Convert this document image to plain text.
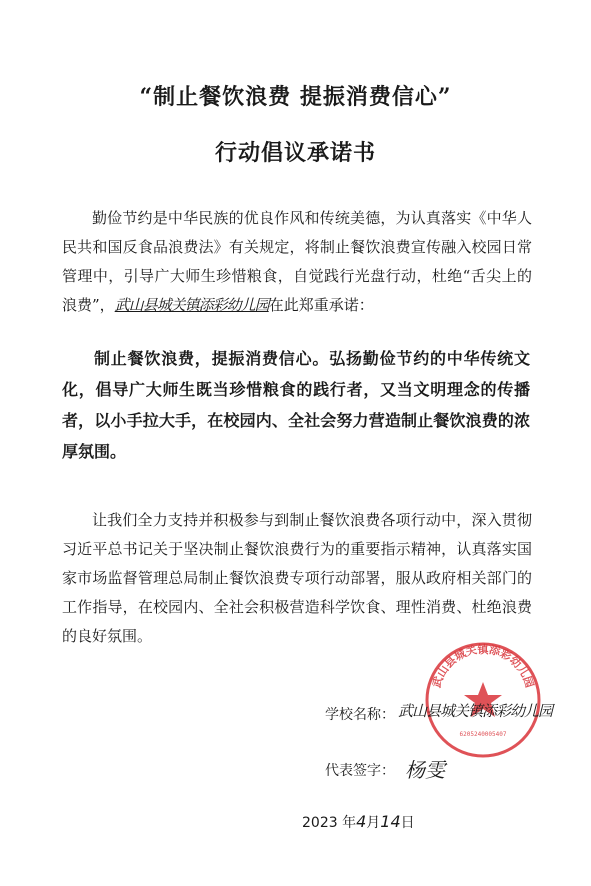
“制止餐饮浪费 提振消费信心”
行动倡议承诺书
勤俭节约是中华民族的优良作风和传统美德，为认真落实《中华人民共和国反食品浪费法》有关规定，将制止餐饮浪费宣传融入校园日常管理中，引导广大师生珍惜粮食，自觉践行光盘行动，杜绝“舌尖上的浪费”，武山县城关镇添彩幼儿园在此郑重承诺：
制止餐饮浪费，提振消费信心。弘扬勤俭节约的中华传统文化，倡导广大师生既当珍惜粮食的践行者，又当文明理念的传播者，以小手拉大手，在校园内、全社会努力营造制止餐饮浪费的浓厚氛围。
让我们全力支持并积极参与到制止餐饮浪费各项行动中，深入贯彻习近平总书记关于坚决制止餐饮浪费行为的重要指示精神，认真落实国家市场监督管理总局制止餐饮浪费专项行动部署，服从政府相关部门的工作指导，在校园内、全社会积极营造科学饮食、理性消费、杜绝浪费的良好氛围。
武山县城关镇添彩幼儿园
6205240005407
学校名称： 武山县城关镇添彩幼儿园
代表签字： 杨雯
2023 年4月14日
